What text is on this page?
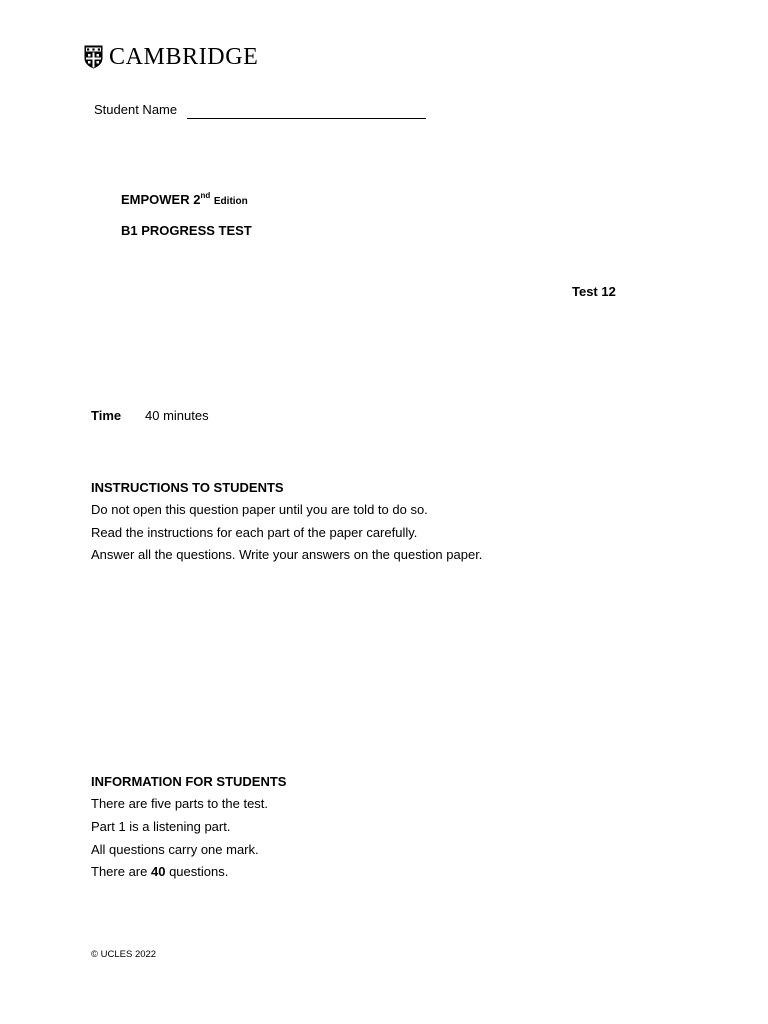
CAMBRIDGE
Student Name
EMPOWER 2nd Edition
B1 PROGRESS TEST
Test 12
Time 40 minutes
INSTRUCTIONS TO STUDENTS
Do not open this question paper until you are told to do so.
Read the instructions for each part of the paper carefully.
Answer all the questions. Write your answers on the question paper.
INFORMATION FOR STUDENTS
There are five parts to the test.
Part 1 is a listening part.
All questions carry one mark.
There are 40 questions.
© UCLES 2022
